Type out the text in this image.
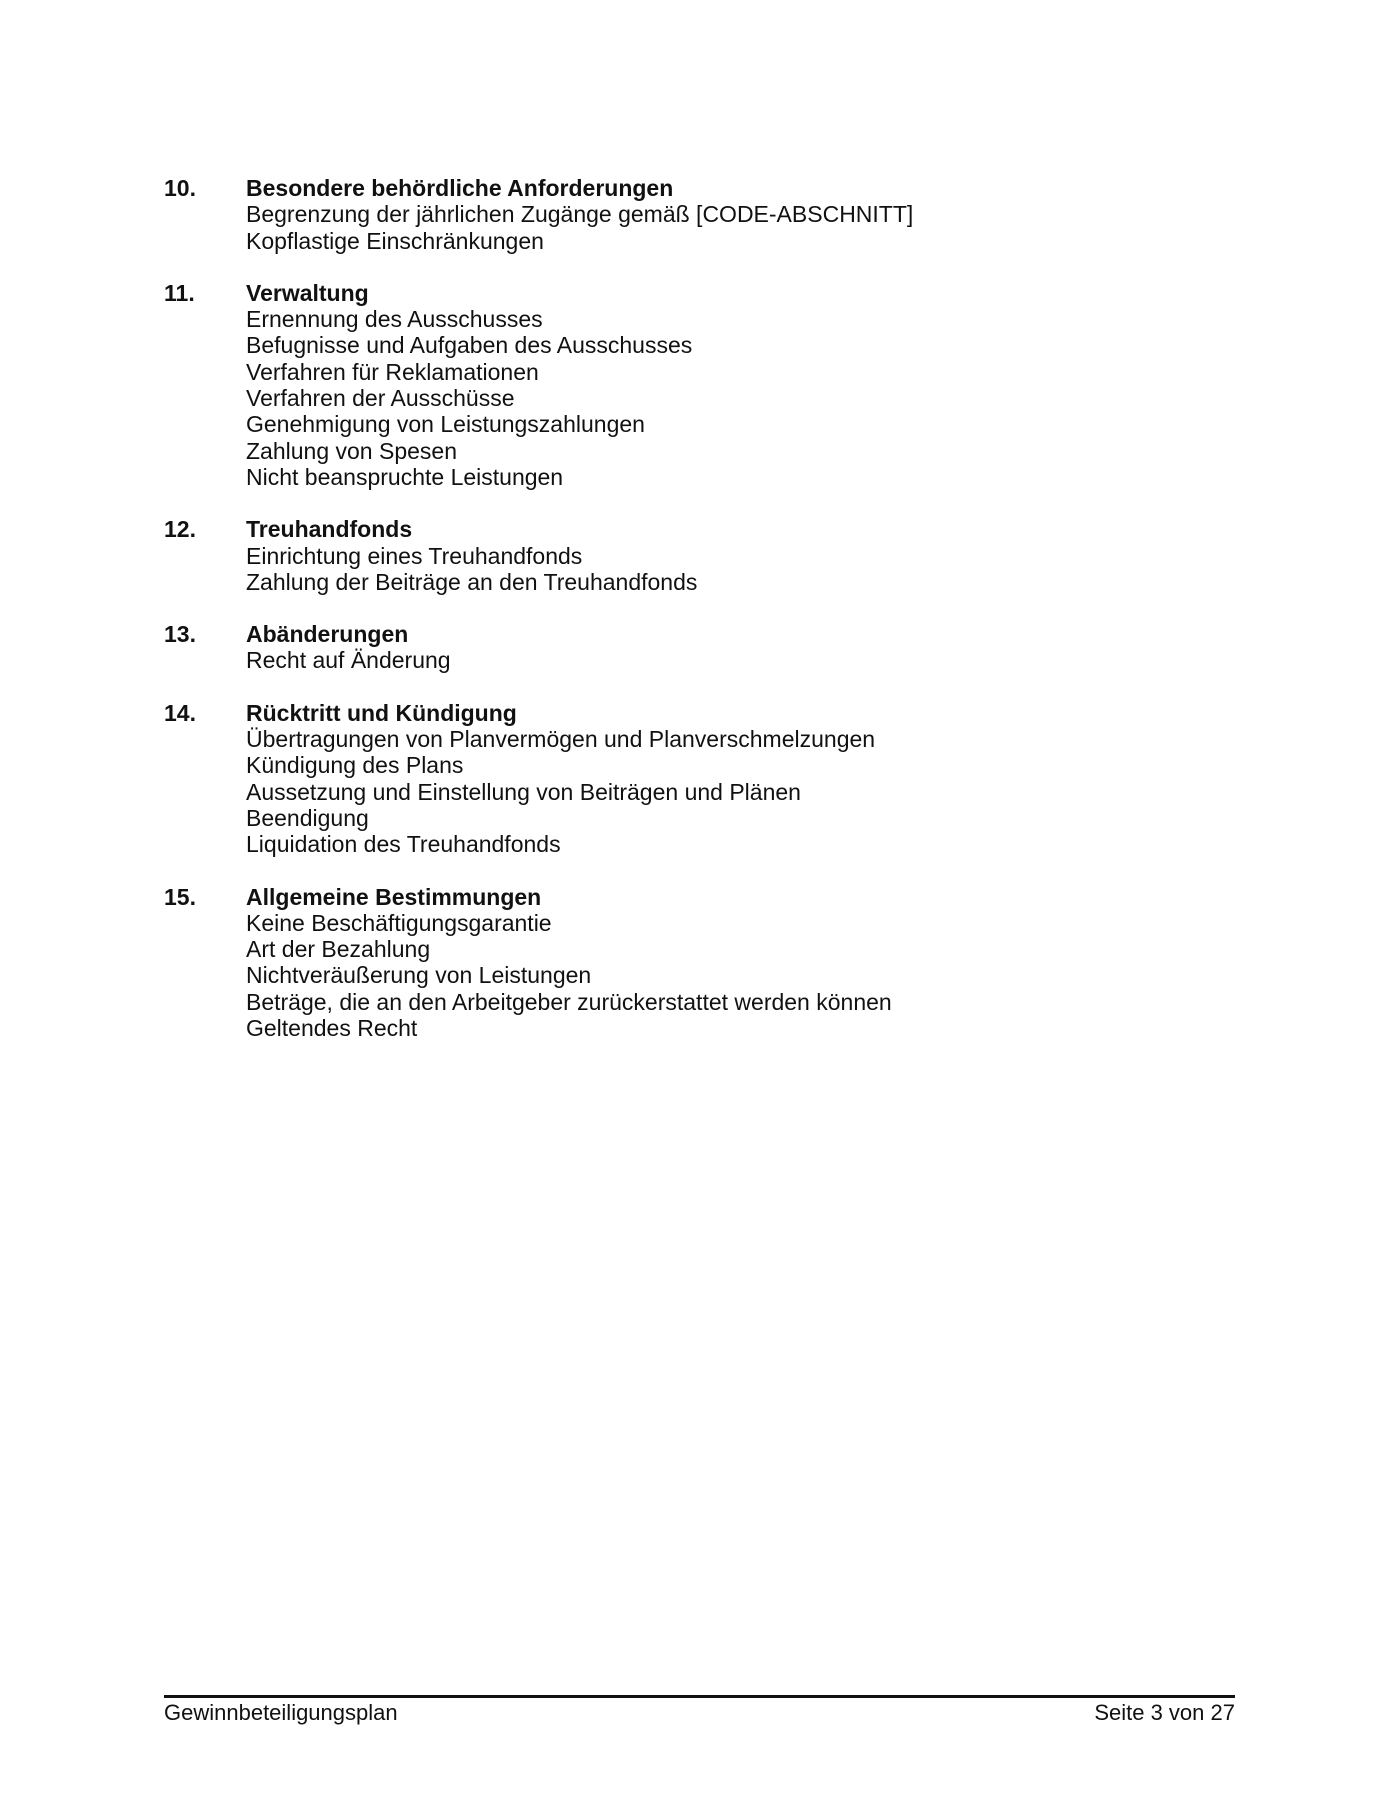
10.	Besondere behördliche Anforderungen
Begrenzung der jährlichen Zugänge gemäß [CODE-ABSCHNITT]
Kopflastige Einschränkungen
11.	Verwaltung
Ernennung des Ausschusses
Befugnisse und Aufgaben des Ausschusses
Verfahren für Reklamationen
Verfahren der Ausschüsse
Genehmigung von Leistungszahlungen
Zahlung von Spesen
Nicht beanspruchte Leistungen
12.	Treuhandfonds
Einrichtung eines Treuhandfonds
Zahlung der Beiträge an den Treuhandfonds
13.	Abänderungen
Recht auf Änderung
14.	Rücktritt und Kündigung
Übertragungen von Planvermögen und Planverschmelzungen
Kündigung des Plans
Aussetzung und Einstellung von Beiträgen und Plänen
Beendigung
Liquidation des Treuhandfonds
15.	Allgemeine Bestimmungen
Keine Beschäftigungsgarantie
Art der Bezahlung
Nichtveräußerung von Leistungen
Beträge, die an den Arbeitgeber zurückerstattet werden können
Geltendes Recht
Gewinnbeteiligungsplan	Seite 3 von 27
